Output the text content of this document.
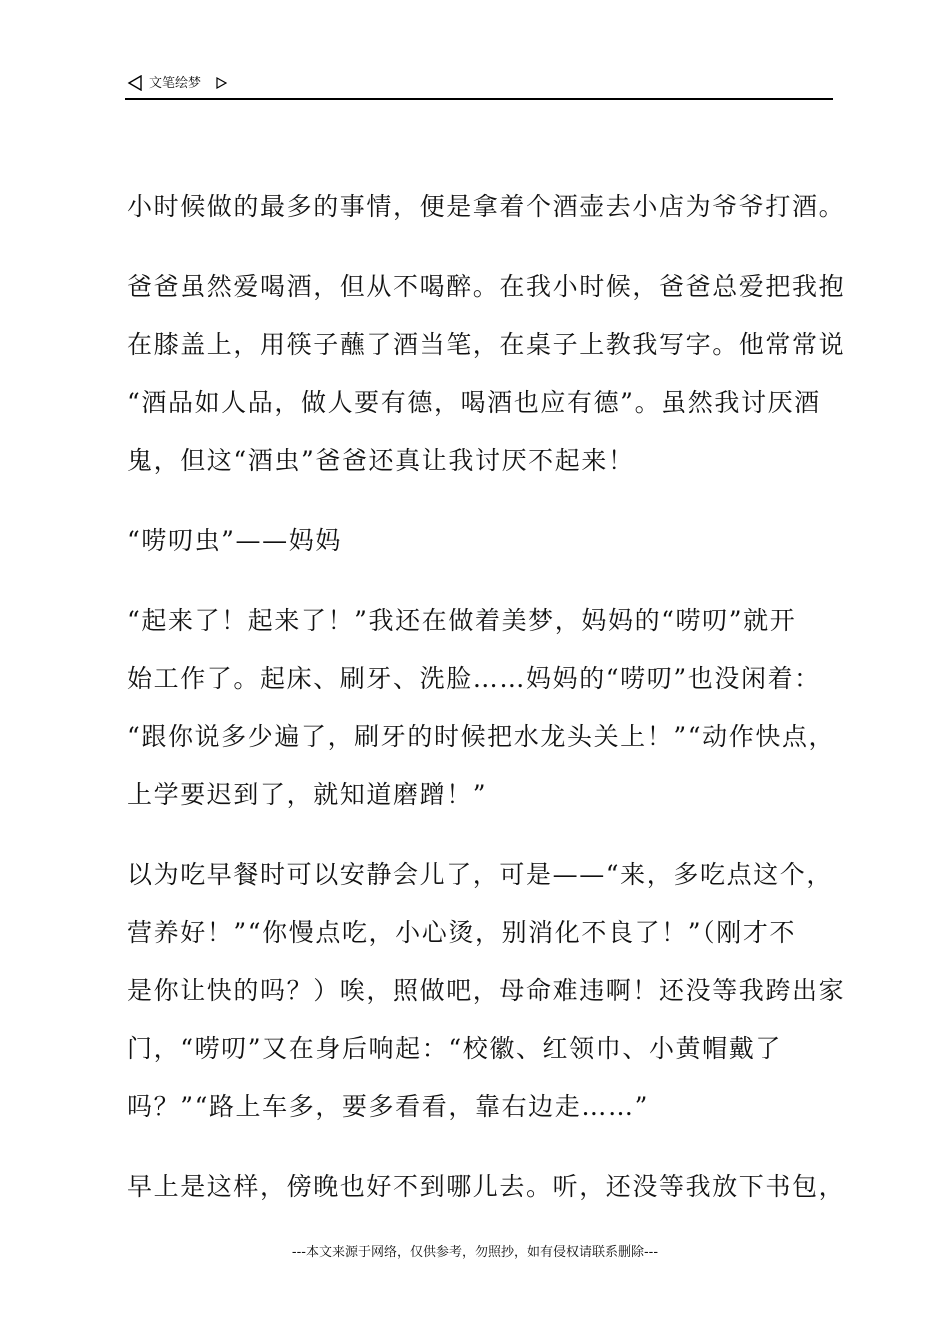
文笔绘梦

小时候做的最多的事情，便是拿着个酒壶去小店为爷爷打酒。

爸爸虽然爱喝酒，但从不喝醉。在我小时候，爸爸总爱把我抱
在膝盖上，用筷子蘸了酒当笔，在桌子上教我写字。他常常说
“酒品如人品，做人要有德，喝酒也应有德”。虽然我讨厌酒
鬼，但这“酒虫”爸爸还真让我讨厌不起来！

“唠叨虫”——妈妈

“起来了！起来了！”我还在做着美梦，妈妈的“唠叨”就开
始工作了。起床、刷牙、洗脸……妈妈的“唠叨”也没闲着：
“跟你说多少遍了，刷牙的时候把水龙头关上！”“动作快点，
上学要迟到了，就知道磨蹭！”

以为吃早餐时可以安静会儿了，可是——“来，多吃点这个，
营养好！”“你慢点吃，小心烫，别消化不良了！”（刚才不
是你让快的吗？）唉，照做吧，母命难违啊！还没等我跨出家
门，“唠叨”又在身后响起：“校徽、红领巾、小黄帽戴了
吗？”“路上车多，要多看看，靠右边走……”

早上是这样，傍晚也好不到哪儿去。听，还没等我放下书包，

---本文来源于网络，仅供参考，勿照抄，如有侵权请联系删除---
